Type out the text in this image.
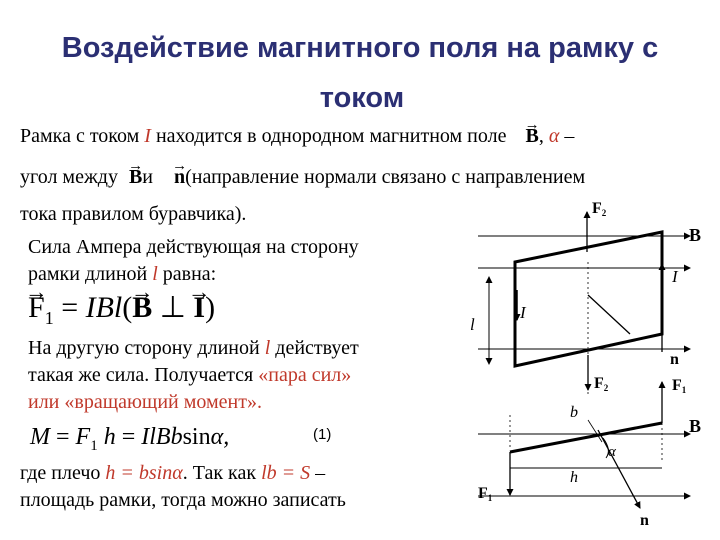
Воздействие магнитного поля на рамку с
током
Рамка с током I находится в однородном магнитном поле → B, α –
угол между → Bи → n(направление нормали связано с направлением
тока правилом буравчика).
Сила Ампера действующая на сторону
рамки длиной l равна:
→ $F_1 = IBl(\to B$ ⊥ → I)
На другую сторону длиной l действует
такая же сила. Получается «пара сил»
или «вращающий момент».
$M = F_1$ h = IlBbsinα,	(1)
где плечо h = bsinα. Так как lb = S –
площадь рамки, тогда можно записать
F2
B
I
I
l
n
F2	F1
b
α
B
h
F1
n
